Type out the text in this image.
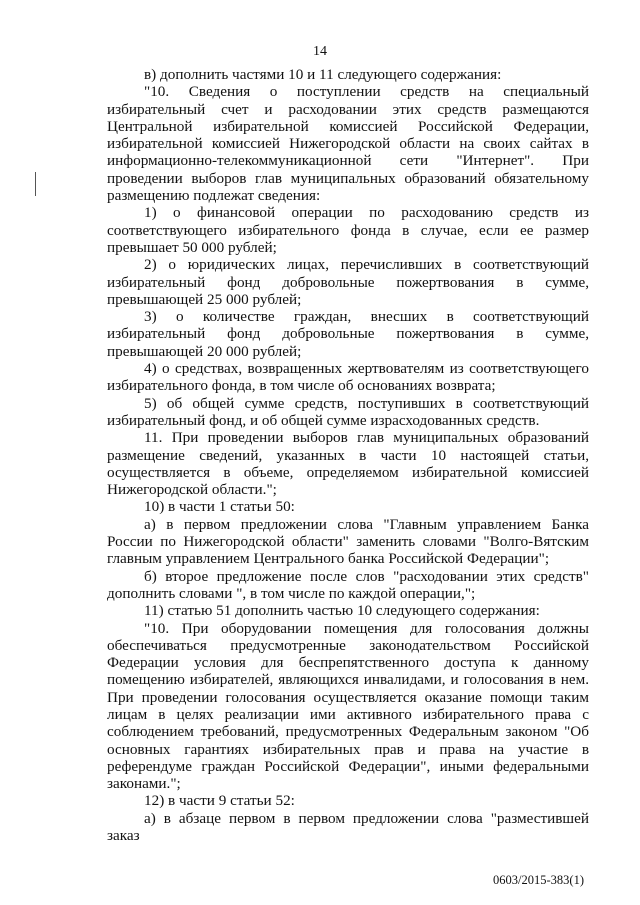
14

в) дополнить частями 10 и 11 следующего содержания:

"10. Сведения о поступлении средств на специальный избирательный счет и расходовании этих средств размещаются Центральной избирательной комиссией Российской Федерации, избирательной комиссией Нижегородской области на своих сайтах в информационно-телекоммуникационной сети "Интернет". При проведении выборов глав муниципальных образований обязательному размещению подлежат сведения:

1) о финансовой операции по расходованию средств из соответствующего избирательного фонда в случае, если ее размер превышает 50 000 рублей;

2) о юридических лицах, перечисливших в соответствующий избирательный фонд добровольные пожертвования в сумме, превышающей 25 000 рублей;

3) о количестве граждан, внесших в соответствующий избирательный фонд добровольные пожертвования в сумме, превышающей 20 000 рублей;

4) о средствах, возвращенных жертвователям из соответствующего избирательного фонда, в том числе об основаниях возврата;

5) об общей сумме средств, поступивших в соответствующий избирательный фонд, и об общей сумме израсходованных средств.

11. При проведении выборов глав муниципальных образований размещение сведений, указанных в части 10 настоящей статьи, осуществляется в объеме, определяемом избирательной комиссией Нижегородской области.";

10) в части 1 статьи 50:

а) в первом предложении слова "Главным управлением Банка России по Нижегородской области" заменить словами "Волго-Вятским главным управлением Центрального банка Российской Федерации";

б) второе предложение после слов "расходовании этих средств" дополнить словами ", в том числе по каждой операции,";

11) статью 51 дополнить частью 10 следующего содержания:

"10. При оборудовании помещения для голосования должны обеспечиваться предусмотренные законодательством Российской Федерации условия для беспрепятственного доступа к данному помещению избирателей, являющихся инвалидами, и голосования в нем. При проведении голосования осуществляется оказание помощи таким лицам в целях реализации ими активного избирательного права с соблюдением требований, предусмотренных Федеральным законом "Об основных гарантиях избирательных прав и права на участие в референдуме граждан Российской Федерации", иными федеральными законами.";

12) в части 9 статьи 52:

а) в абзаце первом в первом предложении слова "разместившей заказ

0603/2015-383(1)
